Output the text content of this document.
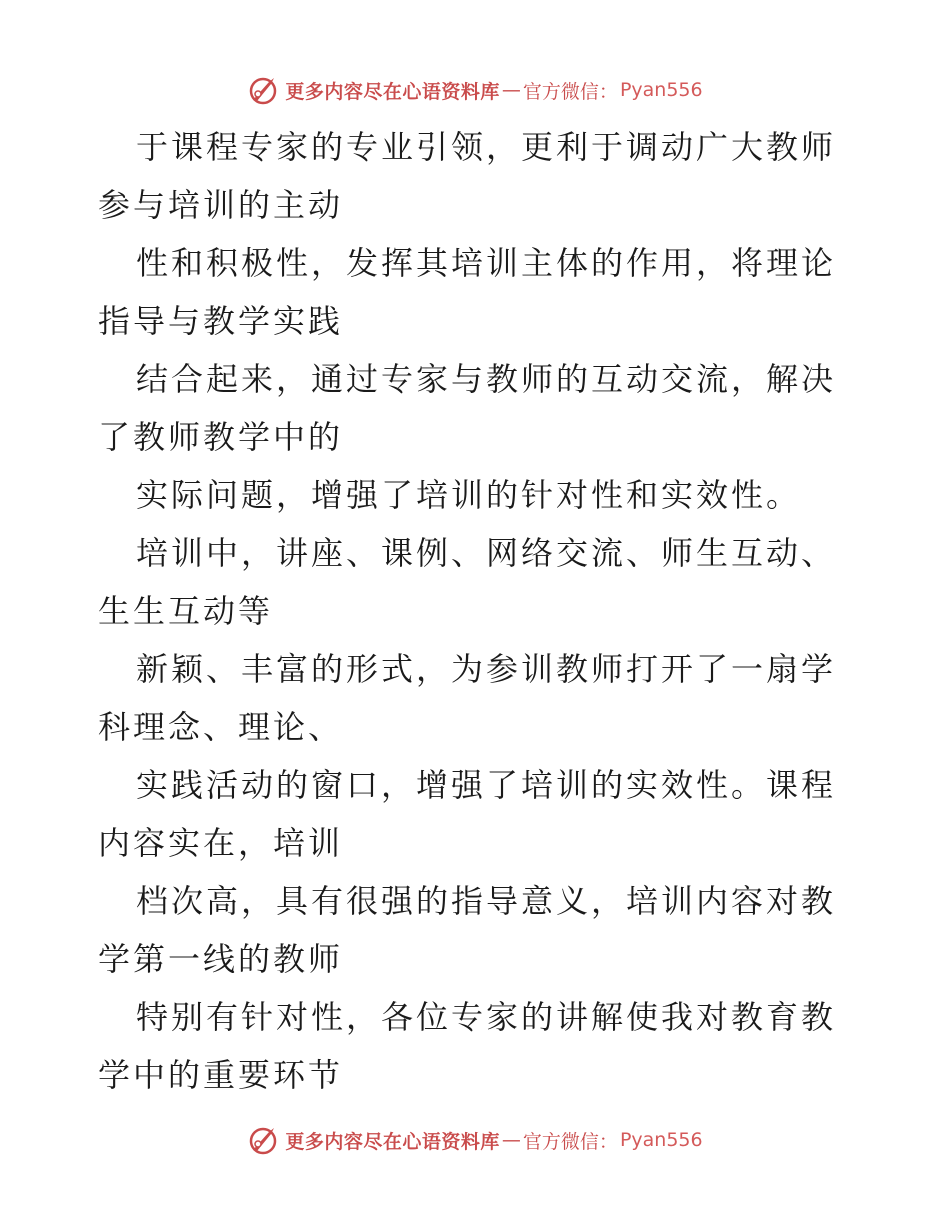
更多内容尽在心语资料库 — 官方微信： Pyan556

于课程专家的专业引领，更利于调动广大教师参与培训的主动

性和积极性，发挥其培训主体的作用，将理论指导与教学实践

结合起来，通过专家与教师的互动交流，解决了教师教学中的

实际问题，增强了培训的针对性和实效性。

培训中，讲座、课例、网络交流、师生互动、生生互动等

新颖、丰富的形式，为参训教师打开了一扇学科理念、理论、

实践活动的窗口，增强了培训的实效性。课程内容实在，培训

档次高，具有很强的指导意义，培训内容对教学第一线的教师

特别有针对性，各位专家的讲解使我对教育教学中的重要环节

更多内容尽在心语资料库 — 官方微信： Pyan556
